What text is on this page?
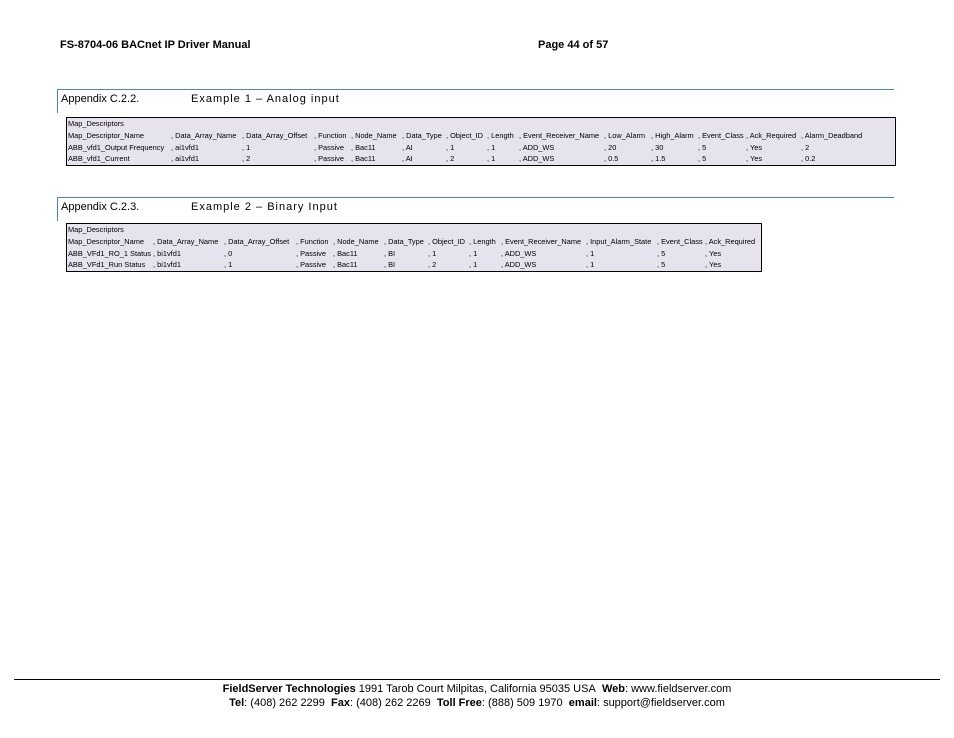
FS-8704-06 BACnet IP Driver Manual	Page 44 of 57
Appendix C.2.2.	Example 1 – Analog input
Map_Descriptors
Map_Descriptor_Name	, Data_Array_Name , Data_Array_Offset , Function , Node_Name , Data_Type , Object_ID , Length , Event_Receiver_Name , Low_Alarm , High_Alarm , Event_Class , Ack_Required , Alarm_Deadband
ABB_vfd1_Output Frequency , ai1vfd1	, 1	, Passive , Bac11	, AI	, 1	, 1	, ADD_WS	, 20	, 30	, 5	, Yes	, 2
ABB_vfd1_Current	, ai1vfd1	, 2	, Passive , Bac11	, AI	, 2	, 1	, ADD_WS	, 0.5	, 1.5	, 5	, Yes	, 0.2
Appendix C.2.3.	Example 2 – Binary Input
Map_Descriptors
Map_Descriptor_Name , Data_Array_Name , Data_Array_Offset , Function , Node_Name , Data_Type , Object_ID , Length , Event_Receiver_Name , Input_Alarm_State , Event_Class , Ack_Required
ABB_VFd1_RO_1 Status , bi1vfd1	, 0	, Passive , Bac11	, BI	, 1	, 1	, ADD_WS	, 1	, 5	, Yes
ABB_VFd1_Run Status , bi1vfd1	, 1	, Passive , Bac11	, BI	, 2	, 1	, ADD_WS	, 1	, 5	, Yes
FieldServer Technologies 1991 Tarob Court Milpitas, California 95035 USA Web: www.fieldserver.com
Tel: (408) 262 2299 Fax: (408) 262 2269 Toll Free: (888) 509 1970 email: support@fieldserver.com
